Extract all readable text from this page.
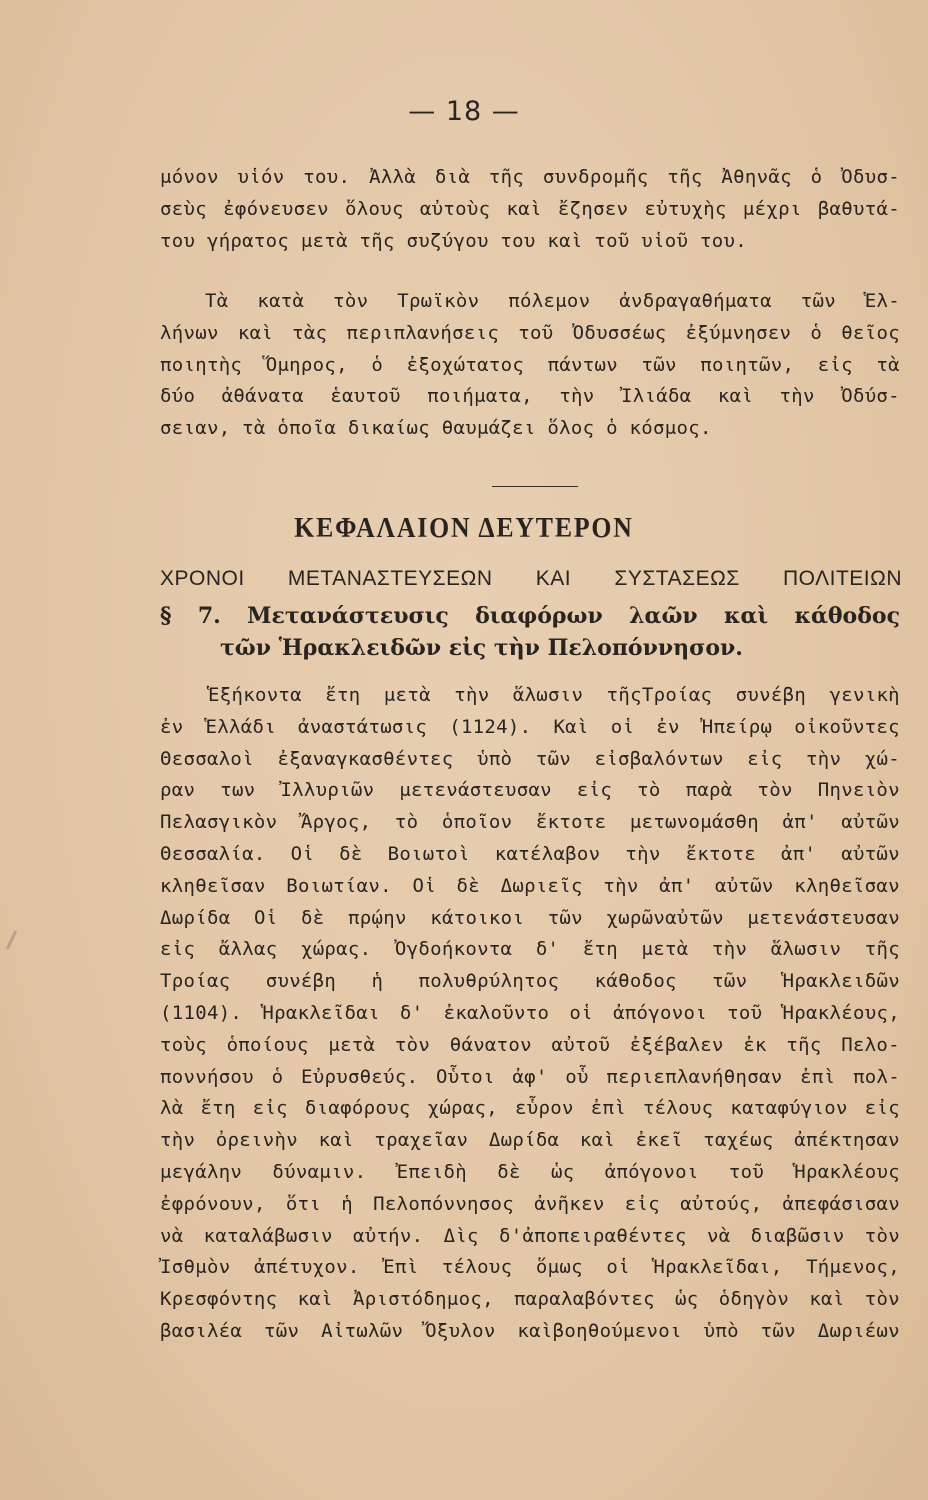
— 18 —
μόνον υἱόν του. Ἀλλὰ διὰ τῆς συνδρομῆς τῆς Ἀθηνᾶς ὁ Ὀδυσ-
σεὺς ἐφόνευσεν ὅλους αὐτοὺς καὶ ἔζησεν εὐτυχὴς μέχρι βαθυτά-
του γήρατος μετὰ τῆς συζύγου του καὶ τοῦ υἱοῦ του.
Τὰ κατὰ τὸν Τρωϊκὸν πόλεμον ἀνδραγαθήματα τῶν Ἑλ-
λήνων καὶ τὰς περιπλανήσεις τοῦ Ὀδυσσέως ἐξύμνησεν ὁ θεῖος
ποιητὴς Ὅμηρος, ὁ ἐξοχώτατος πάντων τῶν ποιητῶν, εἰς τὰ
δύο ἀθάνατα ἑαυτοῦ ποιήματα, τὴν Ἰλιάδα καὶ τὴν Ὀδύσ-
σειαν, τὰ ὁποῖα δικαίως θαυμάζει ὅλος ὁ κόσμος.
ΚΕΦΑΛΑΙΟΝ ΔΕΥΤΕΡΟΝ
ΧΡΟΝΟΙ ΜΕΤΑΝΑΣΤΕΥΣΕΩΝ ΚΑΙ ΣΥΣΤΑΣΕΩΣ ΠΟΛΙΤΕΙΩΝ
§ 7. Μετανάστευσις διαφόρων λαῶν καὶ κάθοδος
τῶν Ἡρακλειδῶν εἰς τὴν Πελοπόννησον.
Ἑξήκοντα ἔτη μετὰ τὴν ἅλωσιν τῆςΤροίας συνέβη γενικὴ
ἐν Ἑλλάδι ἀναστάτωσις (1124). Καὶ οἱ ἐν Ἠπείρῳ οἰκοῦντες
Θεσσαλοὶ ἐξαναγκασθέντες ὑπὸ τῶν εἰσβαλόντων εἰς τὴν χώ-
ραν των Ἰλλυριῶν μετενάστευσαν εἰς τὸ παρὰ τὸν Πηνειὸν
Πελασγικὸν Ἄργος, τὸ ὁποῖον ἔκτοτε μετωνομάσθη ἀπ' αὐτῶν
Θεσσαλία. Οἱ δὲ Βοιωτοὶ κατέλαβον τὴν ἔκτοτε ἀπ' αὐτῶν
κληθεῖσαν Βοιωτίαν. Οἱ δὲ Δωριεῖς τὴν ἀπ' αὐτῶν κληθεῖσαν
Δωρίδα Οἱ δὲ πρῴην κάτοικοι τῶν χωρῶναὐτῶν μετενάστευσαν
εἰς ἄλλας χώρας. Ὀγδοήκοντα δ' ἔτη μετὰ τὴν ἅλωσιν τῆς
Τροίας συνέβη ἡ πολυθρύλητος κάθοδος τῶν Ἡρακλειδῶν
(1104). Ἡρακλεῖδαι δ' ἐκαλοῦντο οἱ ἀπόγονοι τοῦ Ἡρακλέους,
τοὺς ὁποίους μετὰ τὸν θάνατον αὐτοῦ ἐξέβαλεν ἐκ τῆς Πελο-
ποννήσου ὁ Εὐρυσθεύς. Οὗτοι ἀφ' οὗ περιεπλανήθησαν ἐπὶ πολ-
λὰ ἔτη εἰς διαφόρους χώρας, εὗρον ἐπὶ τέλους καταφύγιον εἰς
τὴν ὀρεινὴν καὶ τραχεῖαν Δωρίδα καὶ ἐκεῖ ταχέως ἀπέκτησαν
μεγάλην δύναμιν. Ἐπειδὴ δὲ ὡς ἀπόγονοι τοῦ Ἡρακλέους
ἐφρόνουν, ὅτι ἡ Πελοπόννησος ἀνῆκεν εἰς αὐτούς, ἀπεφάσισαν
νὰ καταλάβωσιν αὐτήν. Δὶς δ'ἀποπειραθέντες νὰ διαβῶσιν τὸν
Ἰσθμὸν ἀπέτυχον. Ἐπὶ τέλους ὅμως οἱ Ἡρακλεῖδαι, Τήμενος,
Κρεσφόντης καὶ Ἀριστόδημος, παραλαβόντες ὡς ὁδηγὸν καὶ τὸν
βασιλέα τῶν Αἰτωλῶν Ὄξυλον καὶβοηθούμενοι ὑπὸ τῶν Δωριέων
